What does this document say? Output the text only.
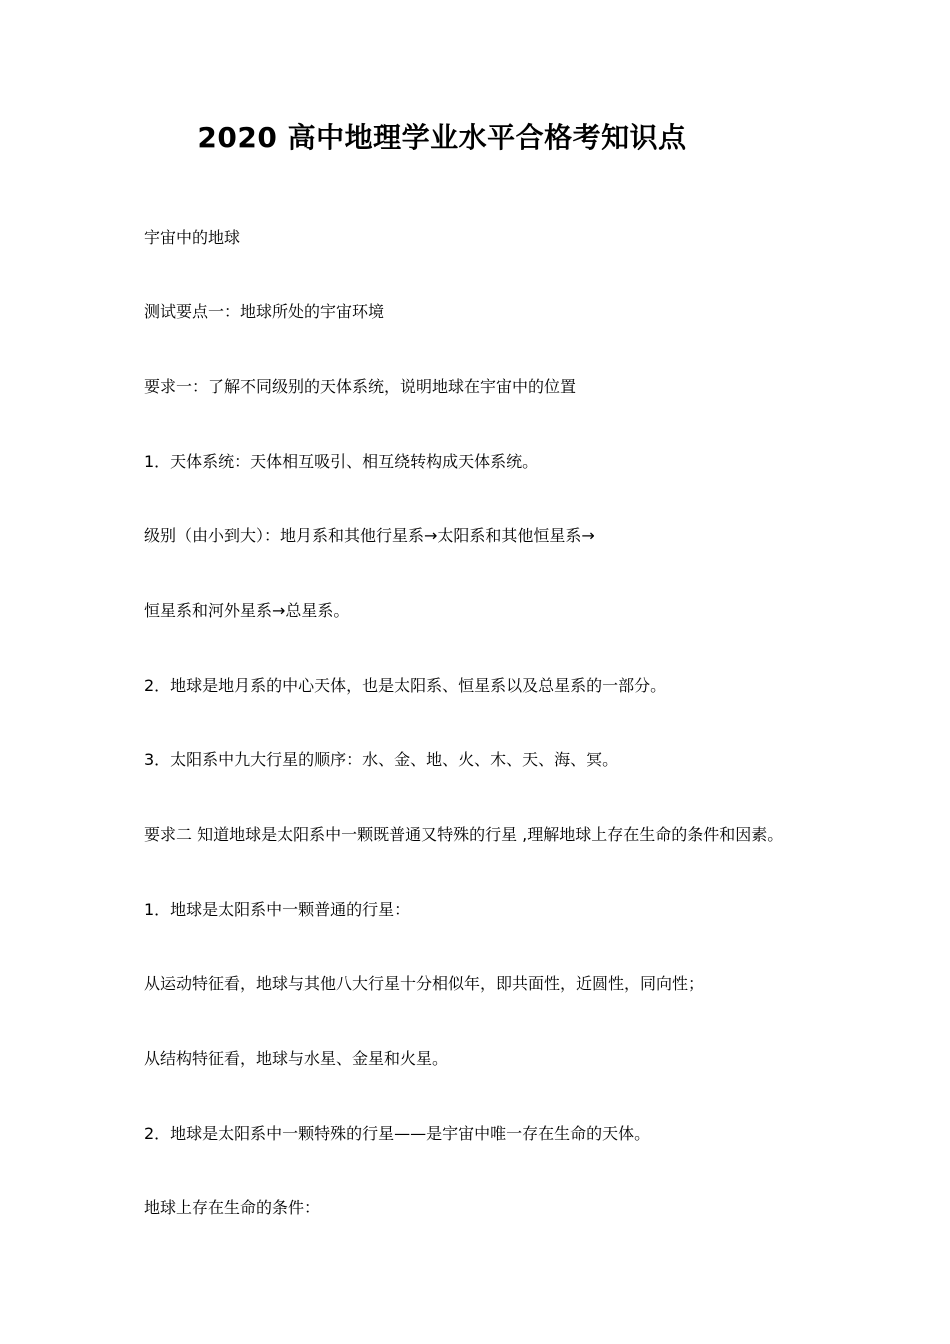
2020 高中地理学业水平合格考知识点
宇宙中的地球
测试要点一：地球所处的宇宙环境
要求一：了解不同级别的天体系统，说明地球在宇宙中的位置
1．天体系统：天体相互吸引、相互绕转构成天体系统。
级别（由小到大）：地月系和其他行星系→太阳系和其他恒星系→
恒星系和河外星系→总星系。
2．地球是地月系的中心天体，也是太阳系、恒星系以及总星系的一部分。
3．太阳系中九大行星的顺序：水、金、地、火、木、天、海、冥。
要求二 知道地球是太阳系中一颗既普通又特殊的行星 ,理解地球上存在生命的条件和因素。
1．地球是太阳系中一颗普通的行星：
从运动特征看，地球与其他八大行星十分相似年，即共面性，近圆性，同向性；
从结构特征看，地球与水星、金星和火星。
2．地球是太阳系中一颗特殊的行星——是宇宙中唯一存在生命的天体。
地球上存在生命的条件：
